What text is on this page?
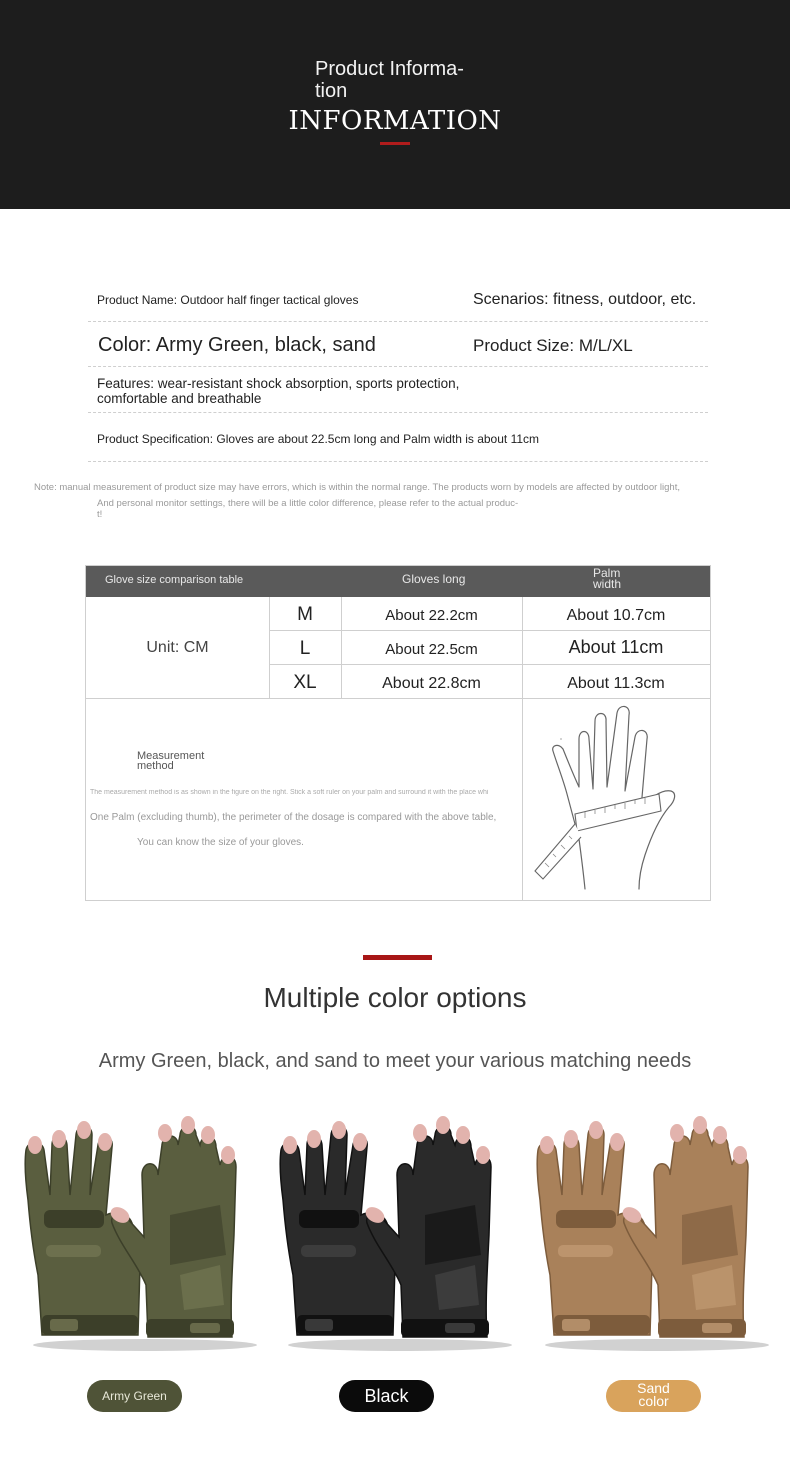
Product Informa-
tion
INFORMATION
Product Name: Outdoor half finger tactical gloves	Scenarios: fitness, outdoor, etc.
Color: Army Green, black, sand	Product Size: M/L/XL
Features: wear-resistant shock absorption, sports protection,
comfortable and breathable
Product Specification: Gloves are about 22.5cm long and Palm width is about 11cm
Note: manual measurement of product size may have errors, which is within the normal range. The products worn by models are affected by outdoor light,
And personal monitor settings, there will be a little color difference, please refer to the actual produc-
t!
Glove size comparison table	Gloves long	Palm
width
Unit: CM
M	About 22.2cm	About 10.7cm
L	About 22.5cm	About 11cm
XL	About 22.8cm	About 11.3cm
Measurement
method
The measurement method is as shown in the figure on the right. Stick a soft ruler on your palm and surround it with the place whi
One Palm (excluding thumb), the perimeter of the dosage is compared with the above table,
You can know the size of your gloves.
Multiple color options
Army Green, black, and sand to meet your various matching needs
Army Green	Black	Sand
color
